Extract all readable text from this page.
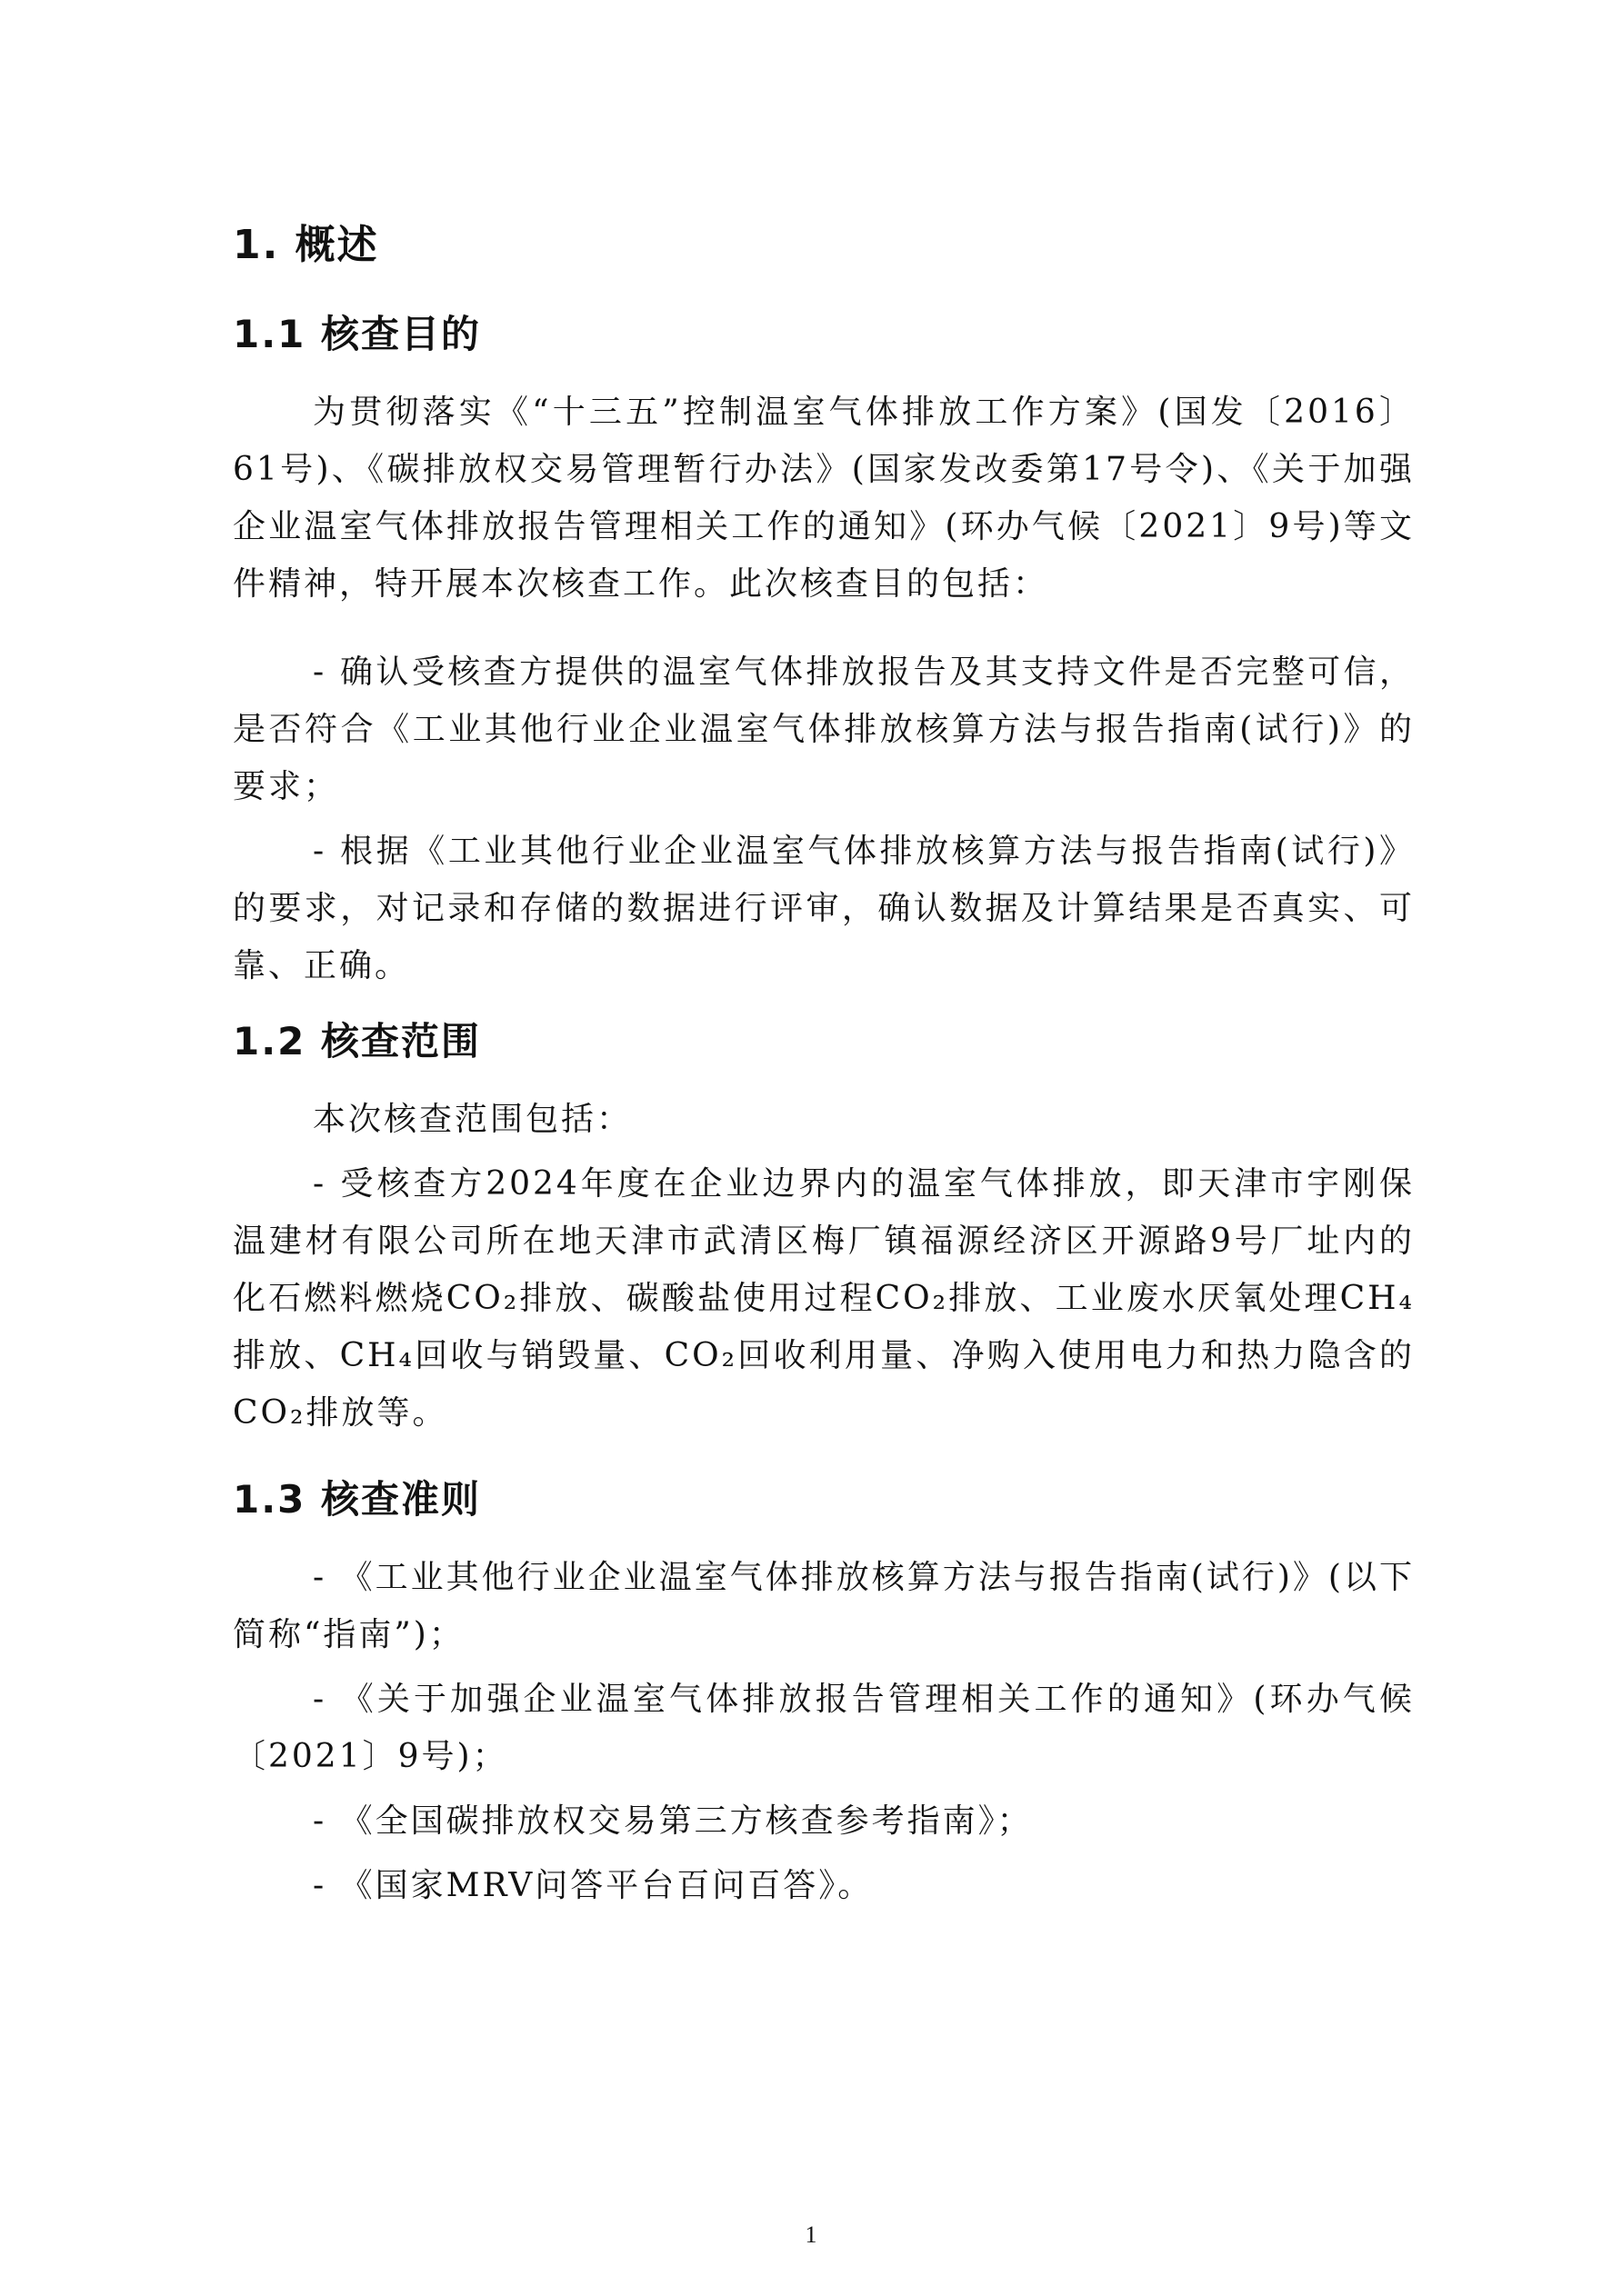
1. 概述
1.1 核查目的

为贯彻落实《“十三五”控制温室气体排放工作方案》(国发〔2016〕61号)、《碳排放权交易管理暂行办法》(国家发改委第17号令)、《关于加强企业温室气体排放报告管理相关工作的通知》(环办气候〔2021〕9号)等文件精神，特开展本次核查工作。此次核查目的包括：

- 确认受核查方提供的温室气体排放报告及其支持文件是否完整可信，是否符合《工业其他行业企业温室气体排放核算方法与报告指南(试行)》的要求；

- 根据《工业其他行业企业温室气体排放核算方法与报告指南(试行)》的要求，对记录和存储的数据进行评审，确认数据及计算结果是否真实、可靠、正确。

1.2 核查范围

本次核查范围包括：

- 受核查方2024年度在企业边界内的温室气体排放，即天津市宇刚保温建材有限公司所在地天津市武清区梅厂镇福源经济区开源路9号厂址内的化石燃料燃烧CO₂排放、碳酸盐使用过程CO₂排放、工业废水厌氧处理CH₄排放、CH₄回收与销毁量、CO₂回收利用量、净购入使用电力和热力隐含的CO₂排放等。

1.3 核查准则

- 《工业其他行业企业温室气体排放核算方法与报告指南(试行)》(以下简称“指南”)；

- 《关于加强企业温室气体排放报告管理相关工作的通知》(环办气候〔2021〕9号)；

- 《全国碳排放权交易第三方核查参考指南》；

- 《国家MRV问答平台百问百答》。

1
